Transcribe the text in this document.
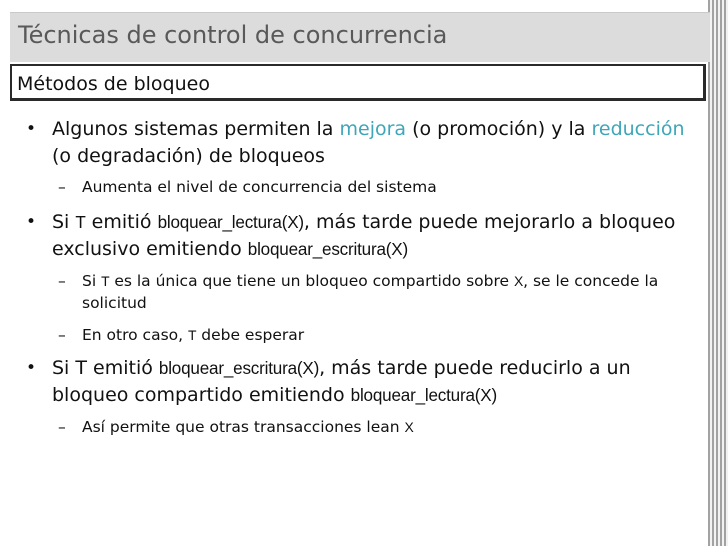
Técnicas de control de concurrencia
Métodos de bloqueo
• Algunos sistemas permiten la mejora (o promoción) y la reducción (o degradación) de bloqueos
– Aumenta el nivel de concurrencia del sistema
• Si T emitió bloquear_lectura(X), más tarde puede mejorarlo a bloqueo exclusivo emitiendo bloquear_escritura(X)
– Si T es la única que tiene un bloqueo compartido sobre X, se le concede la solicitud
– En otro caso, T debe esperar
• Si T emitió bloquear_escritura(X), más tarde puede reducirlo a un bloqueo compartido emitiendo bloquear_lectura(X)
– Así permite que otras transacciones lean X
